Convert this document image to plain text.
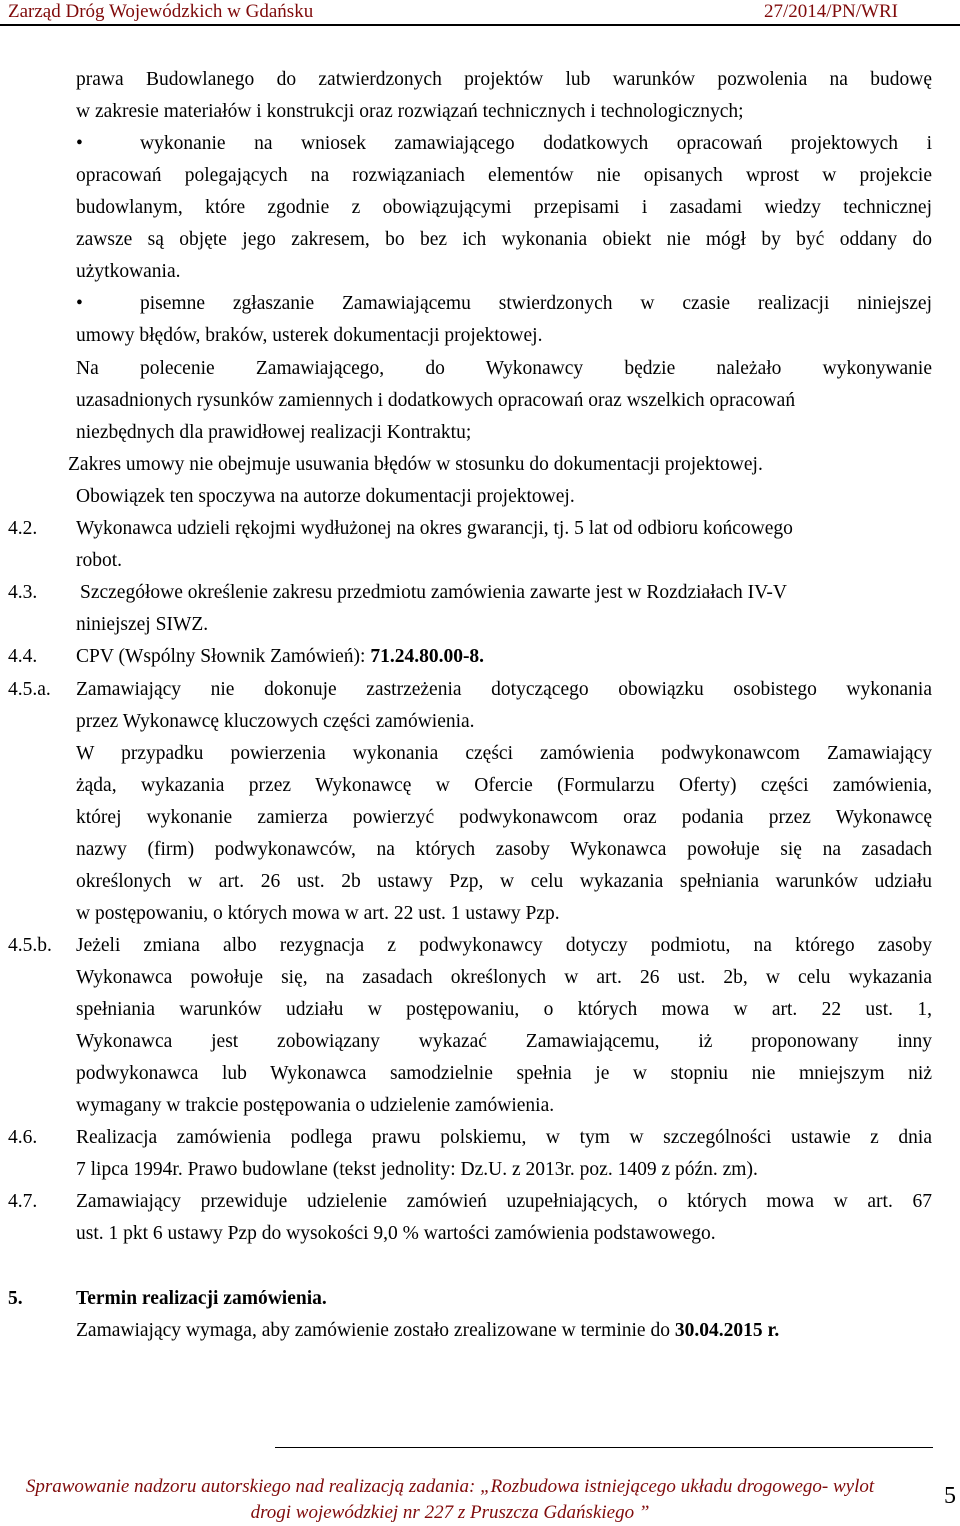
Zarząd Dróg Wojewódzkich w Gdańsku	27/2014/PN/WRI
prawa Budowlanego do zatwierdzonych projektów lub warunków pozwolenia na budowę
w zakresie materiałów i konstrukcji oraz rozwiązań technicznych i technologicznych;
•	wykonanie na wniosek zamawiającego dodatkowych opracowań projektowych i
opracowań polegających na rozwiązaniach elementów nie opisanych wprost w projekcie
budowlanym, które zgodnie z obowiązującymi przepisami i zasadami wiedzy technicznej
zawsze są objęte jego zakresem, bo bez ich wykonania obiekt nie mógł by być oddany do
użytkowania.
•	pisemne zgłaszanie Zamawiającemu stwierdzonych w czasie realizacji niniejszej
umowy błędów, braków, usterek dokumentacji projektowej.
Na polecenie Zamawiającego, do Wykonawcy będzie należało wykonywanie
uzasadnionych rysunków zamiennych i dodatkowych opracowań oraz wszelkich opracowań
niezbędnych dla prawidłowej realizacji Kontraktu;
Zakres umowy nie obejmuje usuwania błędów w stosunku do dokumentacji projektowej.
Obowiązek ten spoczywa na autorze dokumentacji projektowej.
4.2. Wykonawca udzieli rękojmi wydłużonej na okres gwarancji, tj. 5 lat od odbioru końcowego
robot.
4.3. Szczegółowe określenie zakresu przedmiotu zamówienia zawarte jest w Rozdziałach IV-V
niniejszej SIWZ.
4.4. CPV (Wspólny Słownik Zamówień): 71.24.80.00-8.
4.5.a. Zamawiający nie dokonuje zastrzeżenia dotyczącego obowiązku osobistego wykonania
przez Wykonawcę kluczowych części zamówienia.
W przypadku powierzenia wykonania części zamówienia podwykonawcom Zamawiający
żąda, wykazania przez Wykonawcę w Ofercie (Formularzu Oferty) części zamówienia,
której wykonanie zamierza powierzyć podwykonawcom oraz podania przez Wykonawcę
nazwy (firm) podwykonawców, na których zasoby Wykonawca powołuje się na zasadach
określonych w art. 26 ust. 2b ustawy Pzp, w celu wykazania spełniania warunków udziału
w postępowaniu, o których mowa w art. 22 ust. 1 ustawy Pzp.
4.5.b. Jeżeli zmiana albo rezygnacja z podwykonawcy dotyczy podmiotu, na którego zasoby
Wykonawca powołuje się, na zasadach określonych w art. 26 ust. 2b, w celu wykazania
spełniania warunków udziału w postępowaniu, o których mowa w art. 22 ust. 1,
Wykonawca jest zobowiązany wykazać Zamawiającemu, iż proponowany inny
podwykonawca lub Wykonawca samodzielnie spełnia je w stopniu nie mniejszym niż
wymagany w trakcie postępowania o udzielenie zamówienia.
4.6. Realizacja zamówienia podlega prawu polskiemu, w tym w szczególności ustawie z dnia
7 lipca 1994r. Prawo budowlane (tekst jednolity: Dz.U. z 2013r. poz. 1409 z późn. zm).
4.7. Zamawiający przewiduje udzielenie zamówień uzupełniających, o których mowa w art. 67
ust. 1 pkt 6 ustawy Pzp do wysokości 9,0 % wartości zamówienia podstawowego.
5.	Termin realizacji zamówienia.
Zamawiający wymaga, aby zamówienie zostało zrealizowane w terminie do 30.04.2015 r.
Sprawowanie nadzoru autorskiego nad realizacją zadania: „Rozbudowa istniejącego układu drogowego- wylot
drogi wojewódzkiej nr 227 z Pruszcza Gdańskiego ”
5
